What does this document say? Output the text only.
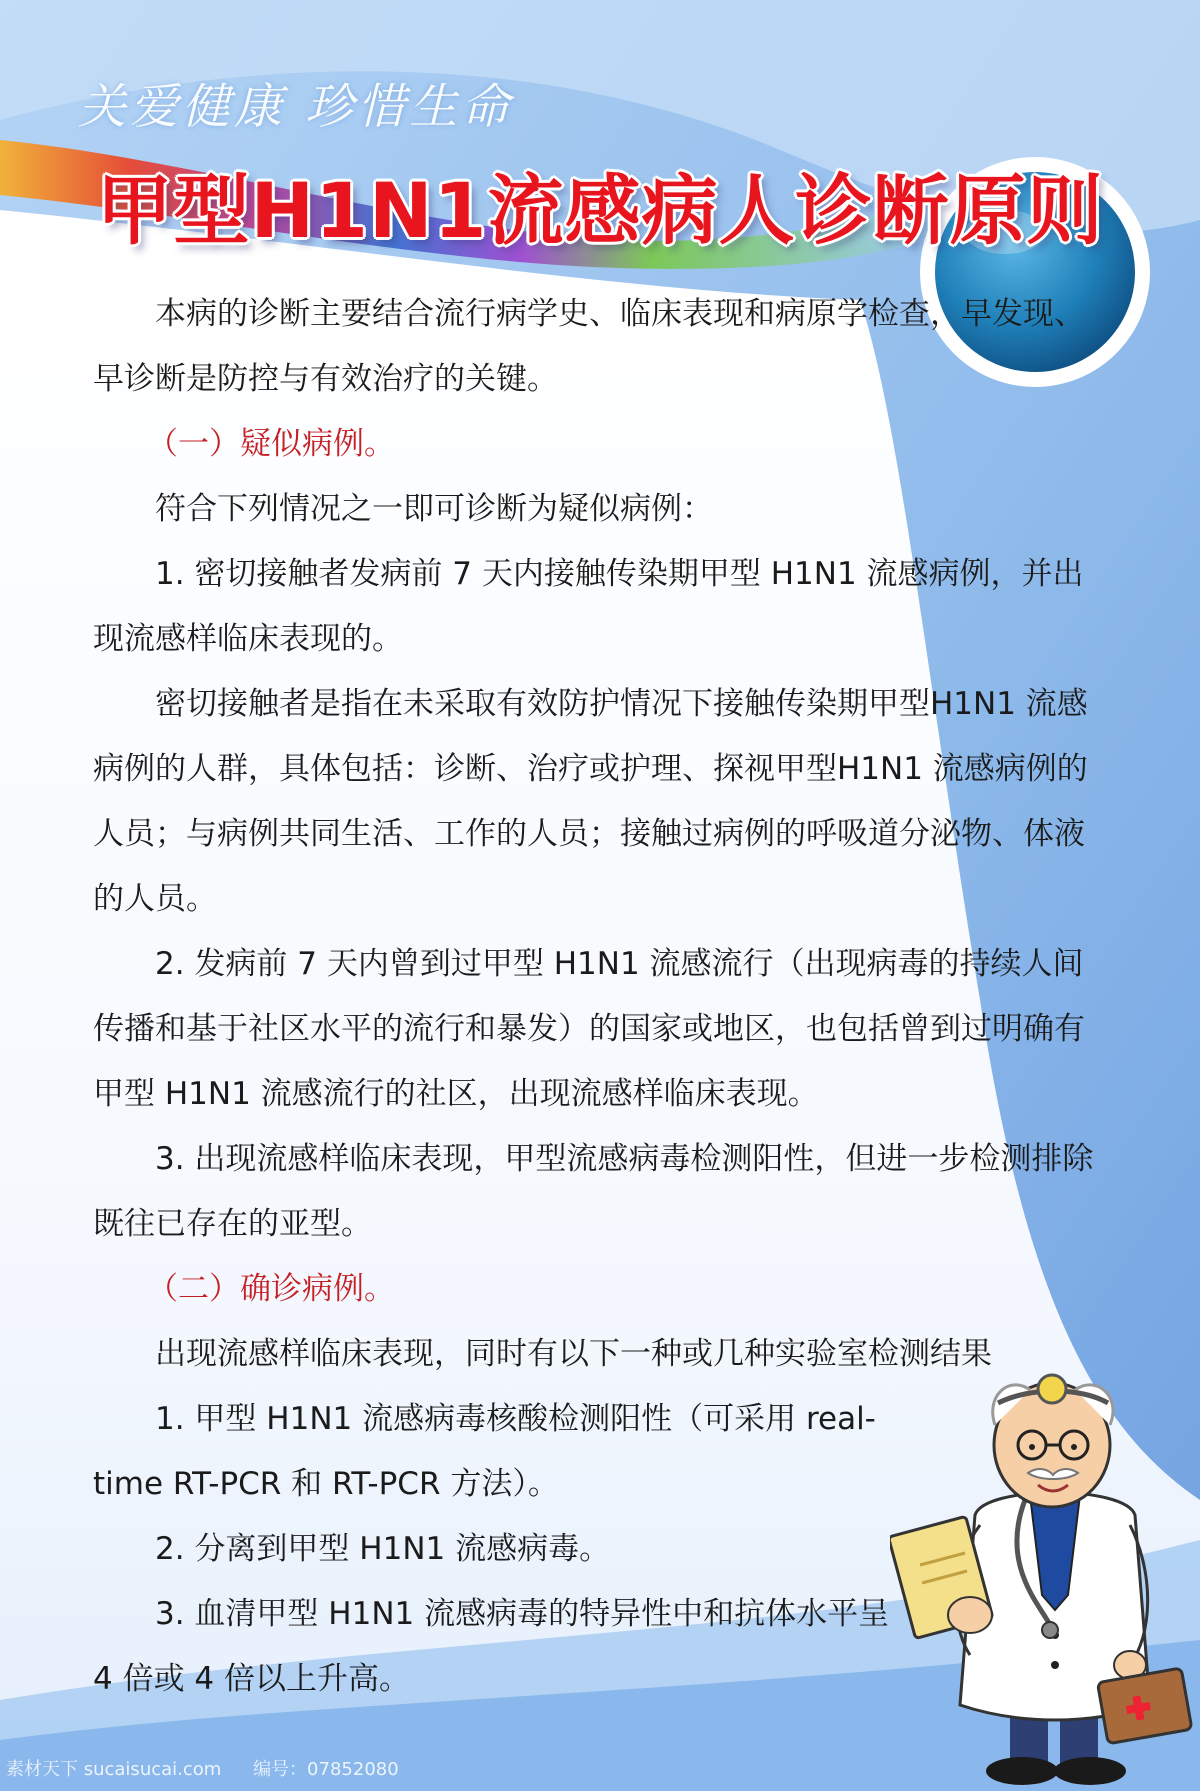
关爱健康 珍惜生命
甲型H1N1流感病人诊断原则

本病的诊断主要结合流行病学史、临床表现和病原学检查，早发现、早诊断是防控与有效治疗的关键。

（一）疑似病例。

符合下列情况之一即可诊断为疑似病例：

1. 密切接触者发病前 7 天内接触传染期甲型 H1N1 流感病例，并出现流感样临床表现的。

密切接触者是指在未采取有效防护情况下接触传染期甲型H1N1 流感病例的人群，具体包括：诊断、治疗或护理、探视甲型H1N1 流感病例的人员；与病例共同生活、工作的人员；接触过病例的呼吸道分泌物、体液的人员。

2. 发病前 7 天内曾到过甲型 H1N1 流感流行（出现病毒的持续人间传播和基于社区水平的流行和暴发）的国家或地区，也包括曾到过明确有甲型 H1N1 流感流行的社区，出现流感样临床表现。

3. 出现流感样临床表现，甲型流感病毒检测阳性，但进一步检测排除既往已存在的亚型。

（二）确诊病例。

出现流感样临床表现，同时有以下一种或几种实验室检测结果

1. 甲型 H1N1 流感病毒核酸检测阳性（可采用 real-time RT-PCR 和 RT-PCR 方法）。

2. 分离到甲型 H1N1 流感病毒。

3. 血清甲型 H1N1 流感病毒的特异性中和抗体水平呈 4 倍或 4 倍以上升高。

素材天下 sucaisucai.com 编号：07852080
